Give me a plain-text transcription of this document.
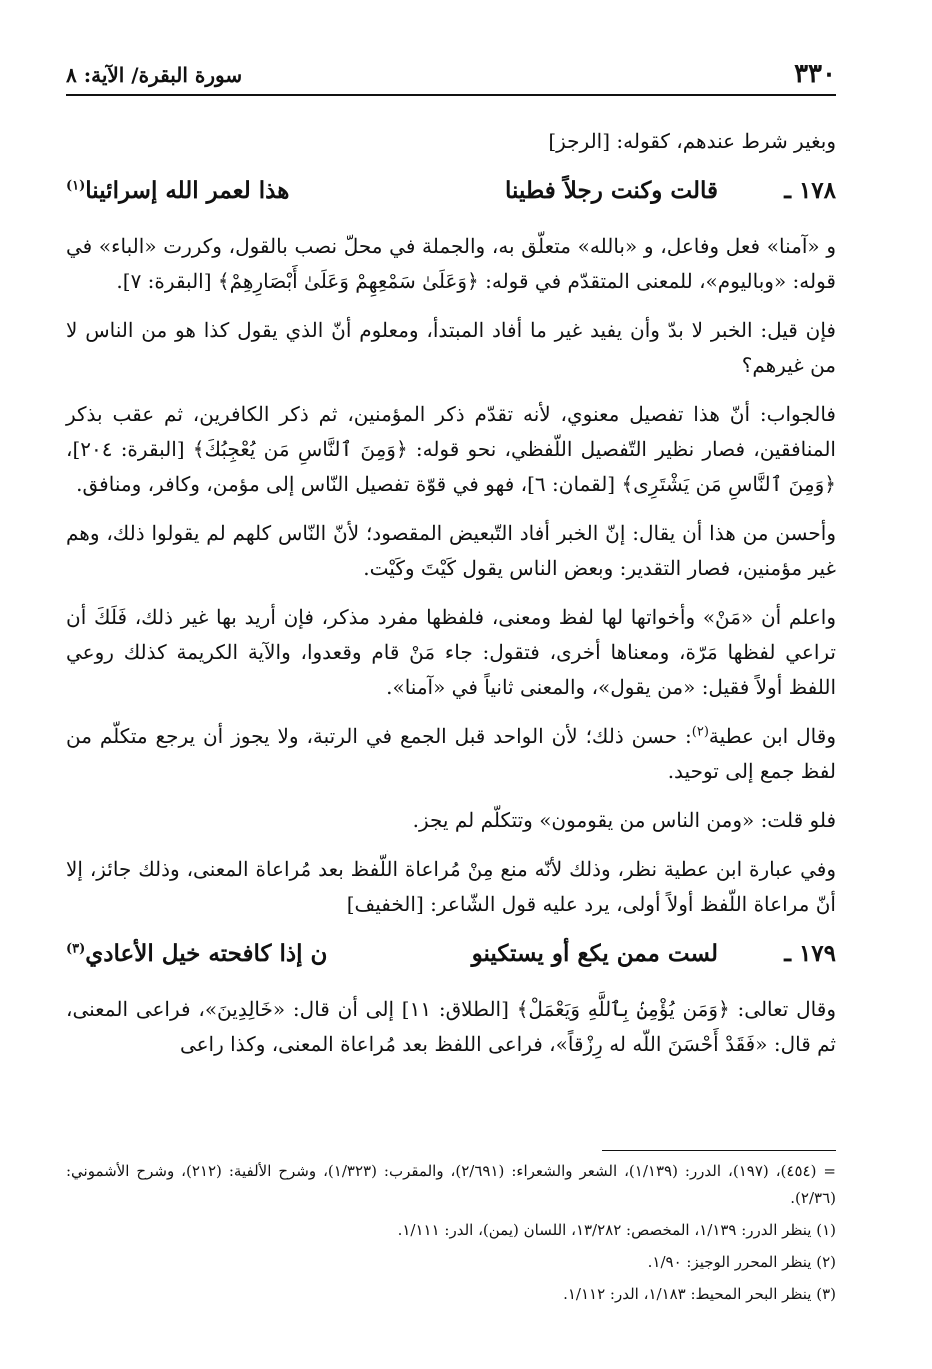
٣٣٠
سورة البقرة/ الآية: ٨

وبغير شرط عندهم، كقوله: [الرجز]

١٧٨ ـ
قالت وكنت رجلاً فطينا
هذا لعمر الله إسرائينا$^{(١)}$

و «آمنا» فعل وفاعل، و «بالله» متعلّق به، والجملة في محلّ نصب بالقول، وكررت «الباء» في قوله: «وباليوم»، للمعنى المتقدّم في قوله: ﴿وَعَلَىٰ سَمْعِهِمْ وَعَلَىٰ أَبْصَارِهِمْ﴾ [البقرة: ٧].

فإن قيل: الخبر لا بدّ وأن يفيد غير ما أفاد المبتدأ، ومعلوم أنّ الذي يقول كذا هو من الناس لا من غيرهم؟

فالجواب: أنّ هذا تفصيل معنوي، لأنه تقدّم ذكر المؤمنين، ثم ذكر الكافرين، ثم عقب بذكر المنافقين، فصار نظير التّفصيل اللّفظي، نحو قوله: ﴿وَمِنَ ٱلنَّاسِ مَن يُعْجِبُكَ﴾ [البقرة: ٢٠٤]، ﴿وَمِنَ ٱلنَّاسِ مَن يَشْتَرِى﴾ [لقمان: ٦]، فهو في قوّة تفصيل النّاس إلى مؤمن، وكافر، ومنافق.

وأحسن من هذا أن يقال: إنّ الخبر أفاد التّبعيض المقصود؛ لأنّ النّاس كلهم لم يقولوا ذلك، وهم غير مؤمنين، فصار التقدير: وبعض الناس يقول كَيْتَ وكَيْت.

واعلم أن «مَنْ» وأخواتها لها لفظ ومعنى، فلفظها مفرد مذكر، فإن أريد بها غير ذلك، فَلَكَ أن تراعي لفظها مَرّة، ومعناها أخرى، فتقول: جاء مَنْ قام وقعدوا، والآية الكريمة كذلك روعي اللفظ أولاً فقيل: «من يقول»، والمعنى ثانياً في «آمنا».

وقال ابن عطية$^{(٢)}$: حسن ذلك؛ لأن الواحد قبل الجمع في الرتبة، ولا يجوز أن يرجع متكلّم من لفظ جمع إلى توحيد.

فلو قلت: «ومن الناس من يقومون» وتتكلّم لم يجز.

وفي عبارة ابن عطية نظر، وذلك لأنّه منع مِنْ مُراعاة اللّفظ بعد مُراعاة المعنى، وذلك جائز، إلا أنّ مراعاة اللّفظ أولاً أولى، يرد عليه قول الشّاعر: [الخفيف]

١٧٩ ـ
لست ممن يكع أو يستكينو
ن إذا كافحته خيل الأعادي$^{(٣)}$

وقال تعالى: ﴿وَمَن يُؤْمِنۢ بِٱللَّهِ وَيَعْمَلْ﴾ [الطلاق: ١١] إلى أن قال: «خَالِدِينَ»، فراعى المعنى، ثم قال: «فَقَدْ أَحْسَنَ اللّه له رِزْقاً»، فراعى اللفظ بعد مُراعاة المعنى، وكذا راعى

= (٤٥٤)، (١٩٧)، الدرر: (١/١٣٩)، الشعر والشعراء: (٢/٦٩١)، والمقرب: (١/٣٢٣)، وشرح الألفية: (٢١٢)، وشرح الأشموني: (٢/٣٦).

(١) ينظر الدرر: ١/١٣٩، المخصص: ١٣/٢٨٢، اللسان (يمن)، الدر: ١/١١١.

(٢) ينظر المحرر الوجيز: ١/٩٠.

(٣) ينظر البحر المحيط: ١/١٨٣، الدر: ١/١١٢.
